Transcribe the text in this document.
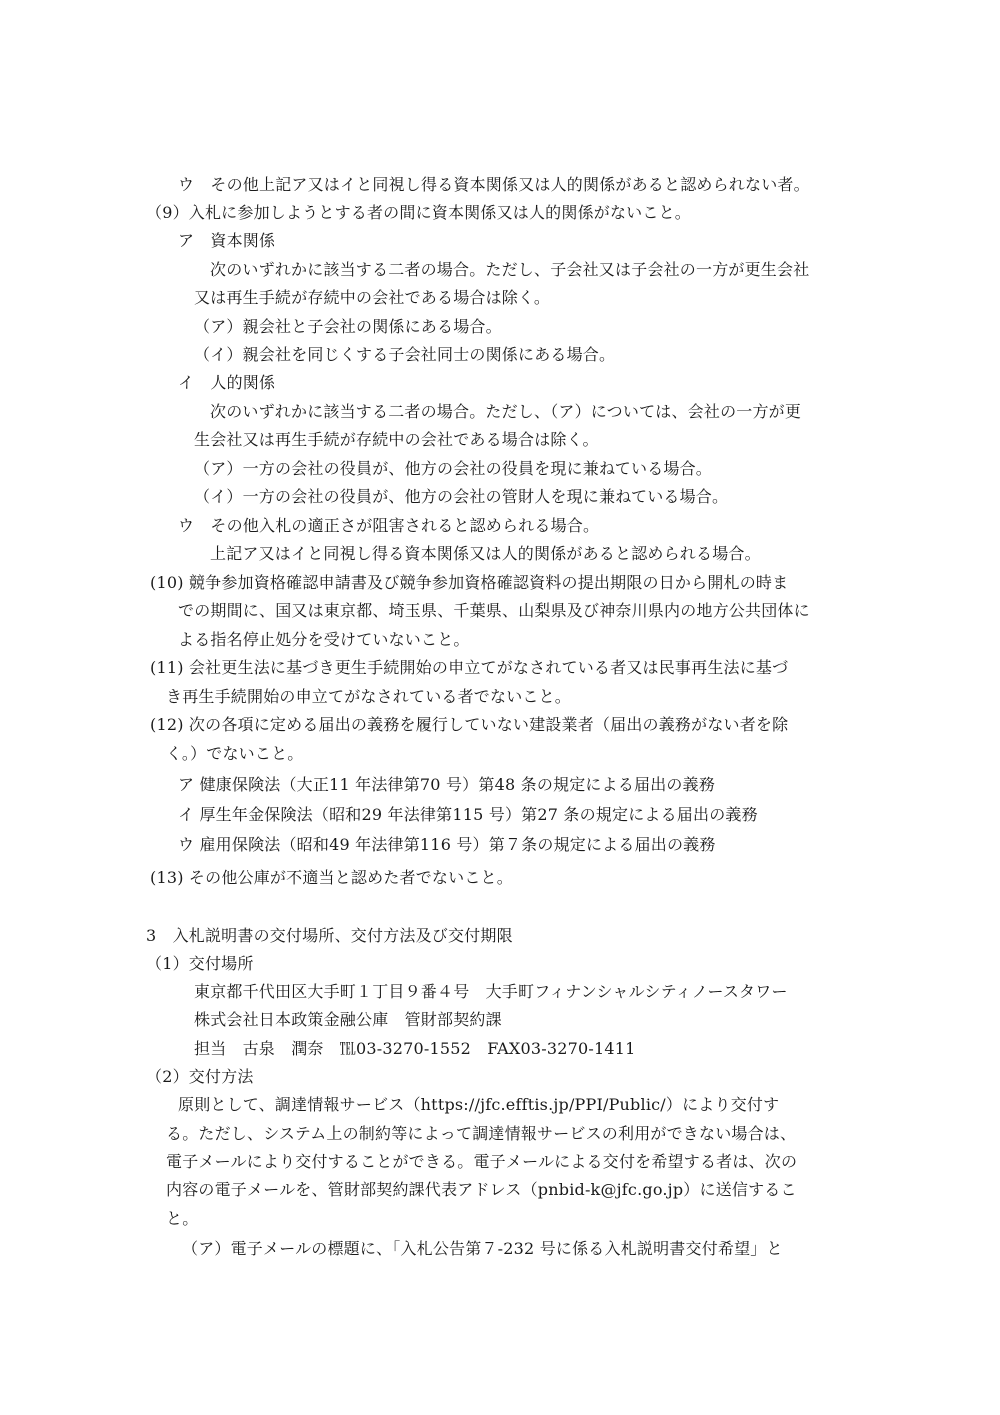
ウ　その他上記ア又はイと同視し得る資本関係又は人的関係があると認められない者。
（9）入札に参加しようとする者の間に資本関係又は人的関係がないこと。
ア　資本関係
次のいずれかに該当する二者の場合。ただし、子会社又は子会社の一方が更生会社
又は再生手続が存続中の会社である場合は除く。
（ア）親会社と子会社の関係にある場合。
（イ）親会社を同じくする子会社同士の関係にある場合。
イ　人的関係
次のいずれかに該当する二者の場合。ただし、（ア）については、会社の一方が更
生会社又は再生手続が存続中の会社である場合は除く。
（ア）一方の会社の役員が、他方の会社の役員を現に兼ねている場合。
（イ）一方の会社の役員が、他方の会社の管財人を現に兼ねている場合。
ウ　その他入札の適正さが阻害されると認められる場合。
上記ア又はイと同視し得る資本関係又は人的関係があると認められる場合。
(10) 競争参加資格確認申請書及び競争参加資格確認資料の提出期限の日から開札の時ま
での期間に、国又は東京都、埼玉県、千葉県、山梨県及び神奈川県内の地方公共団体に
よる指名停止処分を受けていないこと。
(11) 会社更生法に基づき更生手続開始の申立てがなされている者又は民事再生法に基づ
き再生手続開始の申立てがなされている者でないこと。
(12) 次の各項に定める届出の義務を履行していない建設業者（届出の義務がない者を除
く。）でないこと。
ア 健康保険法（大正11 年法律第70 号）第48 条の規定による届出の義務
イ 厚生年金保険法（昭和29 年法律第115 号）第27 条の規定による届出の義務
ウ 雇用保険法（昭和49 年法律第116 号）第７条の規定による届出の義務
(13) その他公庫が不適当と認めた者でないこと。
3　入札説明書の交付場所、交付方法及び交付期限
（1）交付場所
東京都千代田区大手町１丁目９番４号　大手町フィナンシャルシティノースタワー
株式会社日本政策金融公庫　管財部契約課
担当　古泉　潤奈　℡03-3270-1552　FAX03-3270-1411
（2）交付方法
原則として、調達情報サービス（https://jfc.efftis.jp/PPI/Public/）により交付す
る。ただし、システム上の制約等によって調達情報サービスの利用ができない場合は、
電子メールにより交付することができる。電子メールによる交付を希望する者は、次の
内容の電子メールを、管財部契約課代表アドレス（pnbid-k@jfc.go.jp）に送信するこ
と。
（ア）電子メールの標題に、「入札公告第７-232 号に係る入札説明書交付希望」と
